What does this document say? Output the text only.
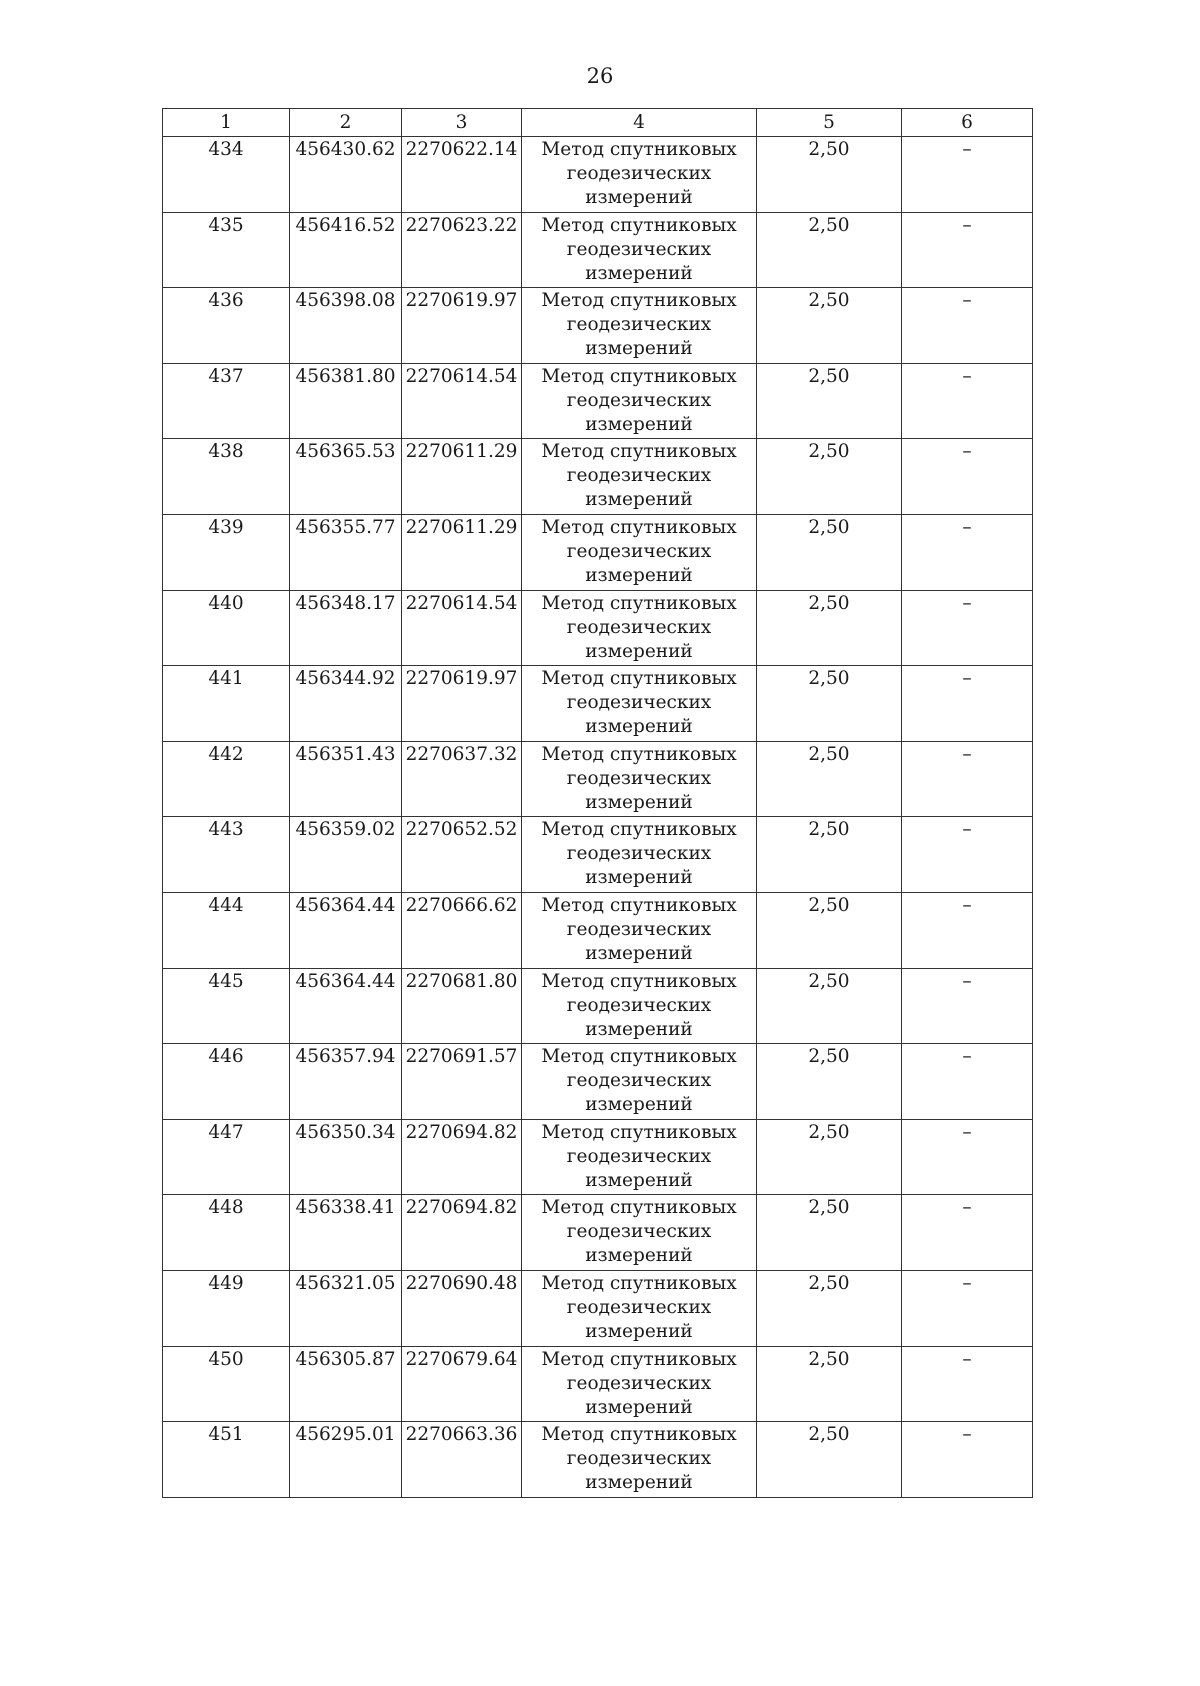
26
1	2	3	4	5	6
434	456430.62	2270622.14	Метод спутниковых геодезических измерений	2,50	–
435	456416.52	2270623.22	Метод спутниковых геодезических измерений	2,50	–
436	456398.08	2270619.97	Метод спутниковых геодезических измерений	2,50	–
437	456381.80	2270614.54	Метод спутниковых геодезических измерений	2,50	–
438	456365.53	2270611.29	Метод спутниковых геодезических измерений	2,50	–
439	456355.77	2270611.29	Метод спутниковых геодезических измерений	2,50	–
440	456348.17	2270614.54	Метод спутниковых геодезических измерений	2,50	–
441	456344.92	2270619.97	Метод спутниковых геодезических измерений	2,50	–
442	456351.43	2270637.32	Метод спутниковых геодезических измерений	2,50	–
443	456359.02	2270652.52	Метод спутниковых геодезических измерений	2,50	–
444	456364.44	2270666.62	Метод спутниковых геодезических измерений	2,50	–
445	456364.44	2270681.80	Метод спутниковых геодезических измерений	2,50	–
446	456357.94	2270691.57	Метод спутниковых геодезических измерений	2,50	–
447	456350.34	2270694.82	Метод спутниковых геодезических измерений	2,50	–
448	456338.41	2270694.82	Метод спутниковых геодезических измерений	2,50	–
449	456321.05	2270690.48	Метод спутниковых геодезических измерений	2,50	–
450	456305.87	2270679.64	Метод спутниковых геодезических измерений	2,50	–
451	456295.01	2270663.36	Метод спутниковых геодезических измерений	2,50	–
